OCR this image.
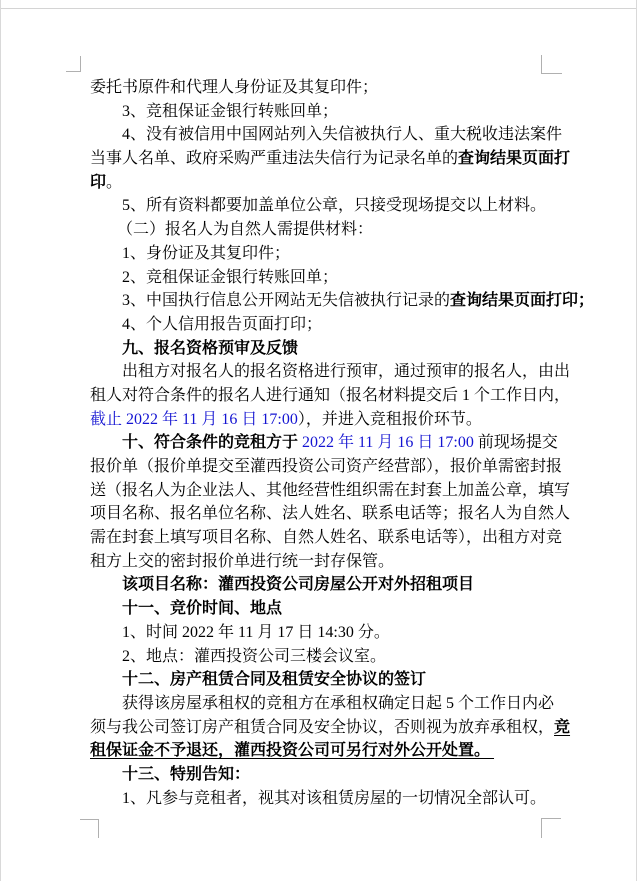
委托书原件和代理人身份证及其复印件；
3、竞租保证金银行转账回单；
4、没有被信用中国网站列入失信被执行人、重大税收违法案件
当事人名单、政府采购严重违法失信行为记录名单的查询结果页面打
印。
5、所有资料都要加盖单位公章，只接受现场提交以上材料。
（二）报名人为自然人需提供材料：
1、身份证及其复印件；
2、竞租保证金银行转账回单；
3、中国执行信息公开网站无失信被执行记录的查询结果页面打印；
4、个人信用报告页面打印；
九、报名资格预审及反馈
出租方对报名人的报名资格进行预审，通过预审的报名人，由出
租人对符合条件的报名人进行通知（报名材料提交后 1 个工作日内，
截止 2022 年 11 月 16 日 17:00），并进入竞租报价环节。
十、符合条件的竞租方于 2022 年 11 月 16 日 17:00 前现场提交
报价单（报价单提交至灌西投资公司资产经营部），报价单需密封报
送（报名人为企业法人、其他经营性组织需在封套上加盖公章，填写
项目名称、报名单位名称、法人姓名、联系电话等；报名人为自然人
需在封套上填写项目名称、自然人姓名、联系电话等），出租方对竞
租方上交的密封报价单进行统一封存保管。
该项目名称：灌西投资公司房屋公开对外招租项目
十一、竞价时间、地点
1、时间 2022 年 11 月 17 日 14:30 分。
2、地点：灌西投资公司三楼会议室。
十二、房产租赁合同及租赁安全协议的签订
获得该房屋承租权的竞租方在承租权确定日起 5 个工作日内必
须与我公司签订房产租赁合同及安全协议，否则视为放弃承租权，竞
租保证金不予退还，灌西投资公司可另行对外公开处置。
十三、特别告知：
1、凡参与竞租者，视其对该租赁房屋的一切情况全部认可。
